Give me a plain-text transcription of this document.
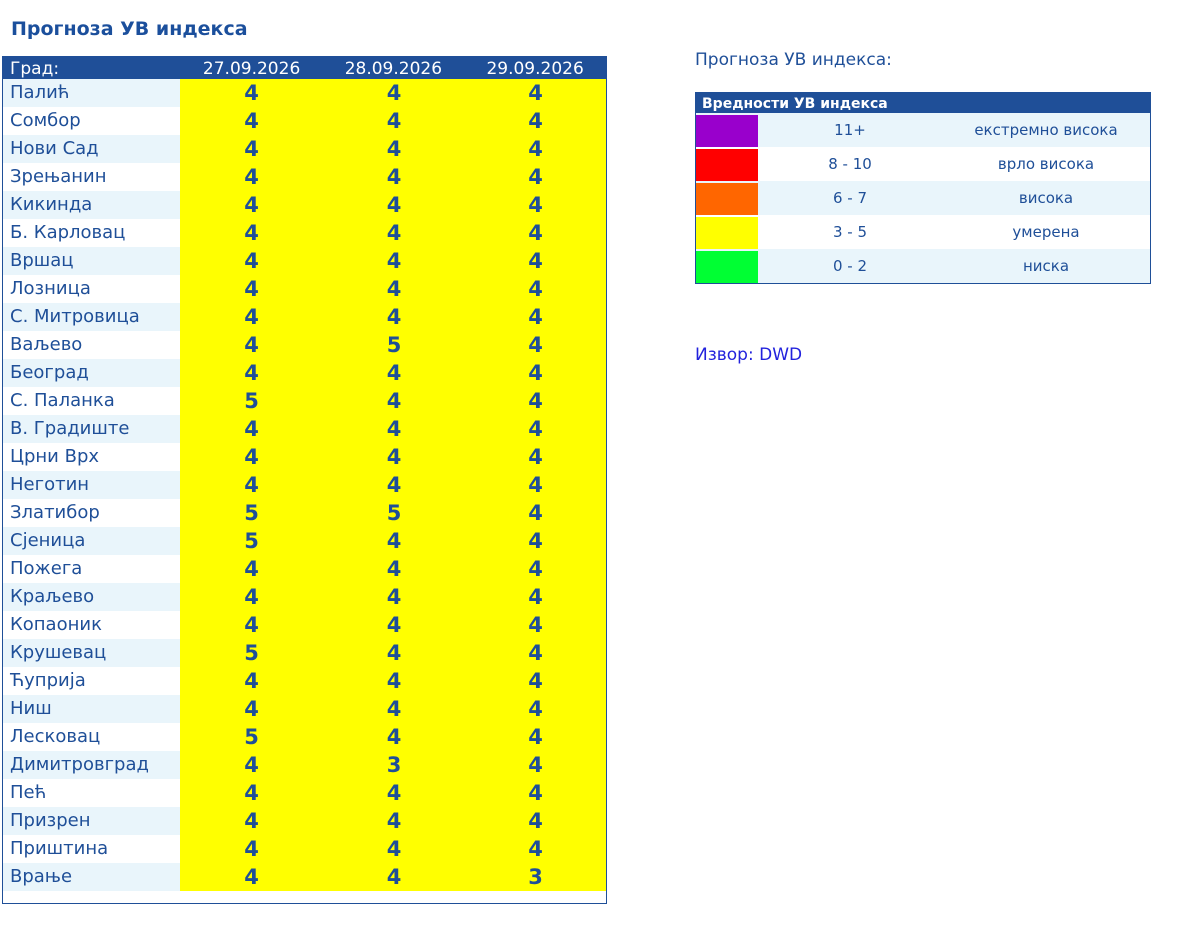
Прогноза УВ индекса
Град:	27.09.2026	28.09.2026	29.09.2026
Палић	4	4	4
Сомбор	4	4	4
Нови Сад	4	4	4
Зрењанин	4	4	4
Кикинда	4	4	4
Б. Карловац	4	4	4
Вршац	4	4	4
Лозница	4	4	4
С. Митровица	4	4	4
Ваљево	4	5	4
Београд	4	4	4
С. Паланка	5	4	4
В. Градиште	4	4	4
Црни Врх	4	4	4
Неготин	4	4	4
Златибор	5	5	4
Сјеница	5	4	4
Пожега	4	4	4
Краљево	4	4	4
Копаоник	4	4	4
Крушевац	5	4	4
Ћуприја	4	4	4
Ниш	4	4	4
Лесковац	5	4	4
Димитровград	4	3	4
Пећ	4	4	4
Призрен	4	4	4
Приштина	4	4	4
Врање	4	4	3
Прогноза УВ индекса:
Вредности УВ индекса
11+	екстремно висока
8 - 10	врло висока
6 - 7	висока
3 - 5	умерена
0 - 2	ниска
Извор: DWD
